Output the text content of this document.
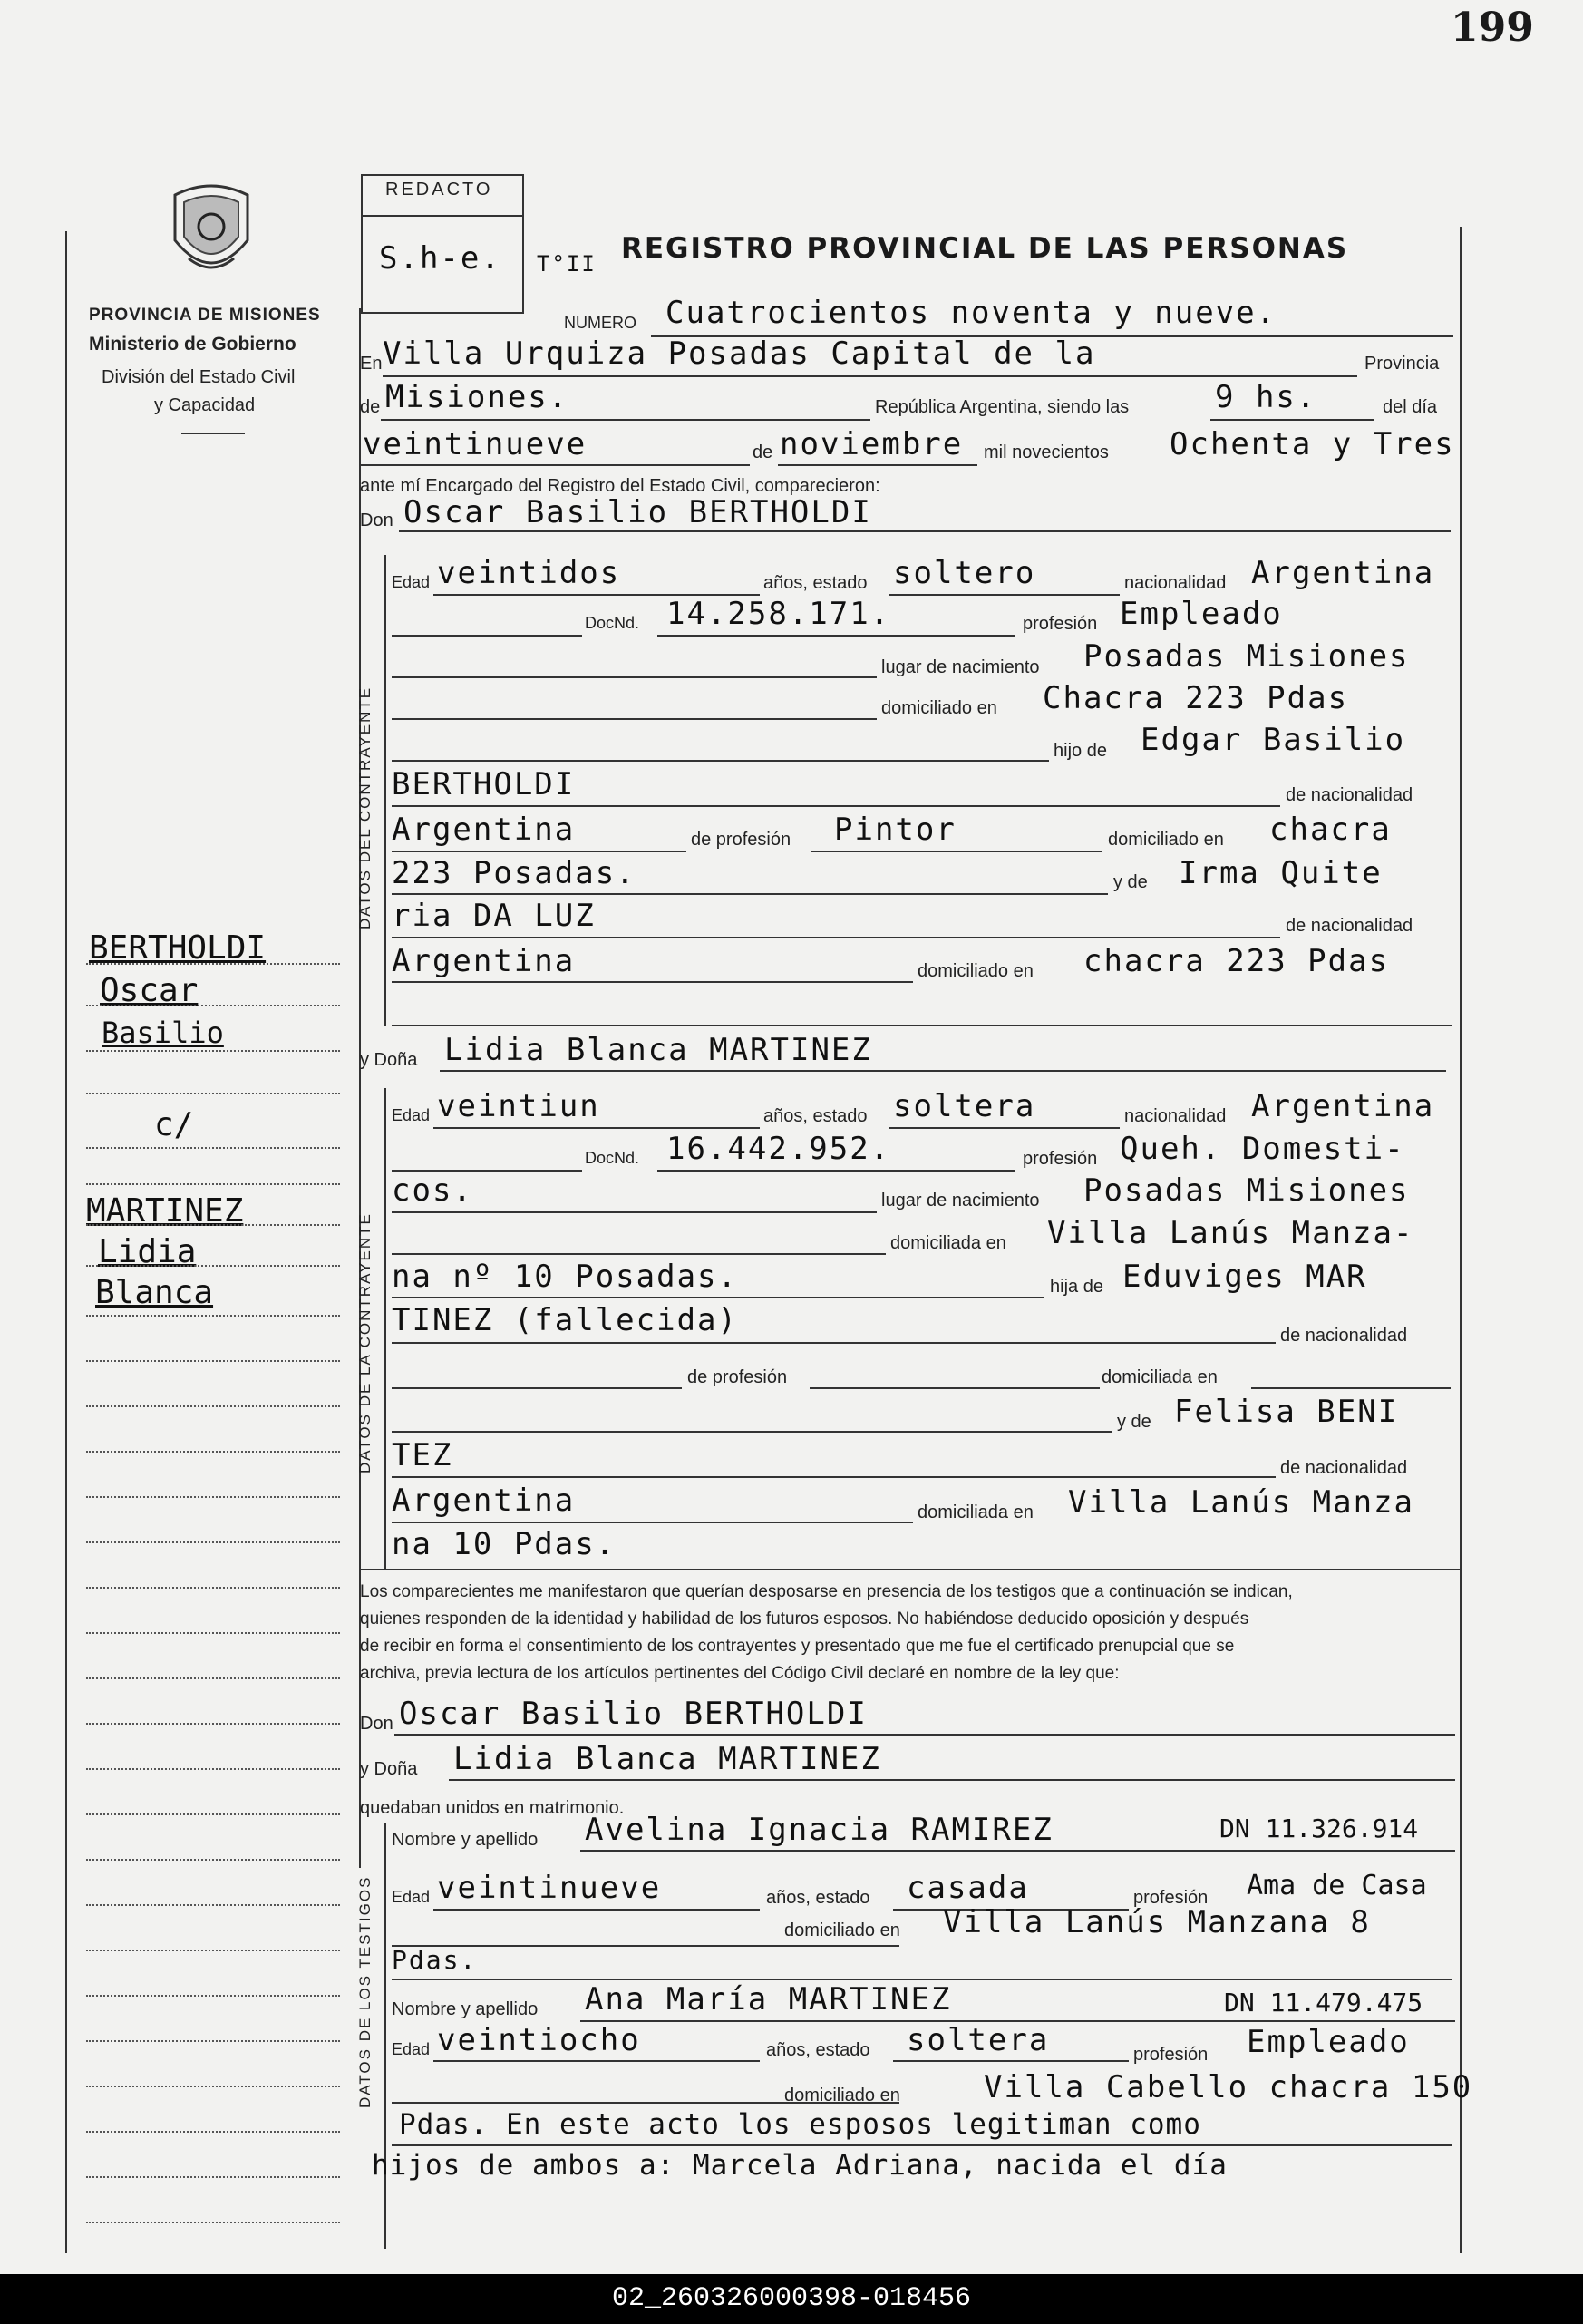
199
PROVINCIA DE MISIONES
Ministerio de Gobierno
División del Estado Civil
y Capacidad
REDACTO
S.h-e. T°II REGISTRO PROVINCIAL DE LAS PERSONAS
NUMERO Cuatrocientos noventa y nueve.
En Villa Urquiza Posadas Capital de la	Provincia
de Misiones.	República Argentina, siendo las	9 hs.	del día
veintinueve	de noviembre mil novecientos Ochenta y Tres
ante mí Encargado del Registro del Estado Civil, comparecieron:
Don Oscar Basilio BERTHOLDI
DATOS DEL CONTRAYENTE
Edad veintidos	años, estado soltero	nacionalidad Argentina
DocNd. 14.258.171.	profesión Empleado
lugar de nacimiento Posadas Misiones
domiciliado en Chacra 223 Pdas
hijo de Edgar Basilio
BERTHOLDI	de nacionalidad
Argentina	de profesión Pintor	domiciliado en chacra
223 Posadas.	y de Irma Quite
ria DA LUZ	de nacionalidad
Argentina	domiciliado en chacra 223 Pdas
y Doña Lidia Blanca MARTINEZ
DATOS DE LA CONTRAYENTE
Edad veintiun	años, estado soltera	nacionalidad Argentina
DocNd. 16.442.952.	profesión Queh. Domesti-
cos.	lugar de nacimiento Posadas Misiones
domiciliada en Villa Lanús Manza-
na nº 10 Posadas.	hija de Eduviges MAR
TINEZ (fallecida)	de nacionalidad
de profesión	domiciliada en
y de Felisa BENI
TEZ	de nacionalidad
Argentina	domiciliada en Villa Lanús Manza
na 10 Pdas.
Los comparecientes me manifestaron que querían desposarse en presencia de los testigos que a continuación se indican,
quienes responden de la identidad y habilidad de los futuros esposos. No habiéndose deducido oposición y después
de recibir en forma el consentimiento de los contrayentes y presentado que me fue el certificado prenupcial que se
archiva, previa lectura de los artículos pertinentes del Código Civil declaré en nombre de la ley que:
Don Oscar Basilio BERTHOLDI
y Doña Lidia Blanca MARTINEZ
quedaban unidos en matrimonio.
DATOS DE LOS TESTIGOS
Nombre y apellido Avelina Ignacia RAMIREZ	DN 11.326.914
Edad veintinueve	años, estado casada	profesión Ama de Casa
domiciliado en Villa Lanús Manzana 8
Pdas.
Nombre y apellido Ana María MARTINEZ	DN 11.479.475
Edad veintiocho	años, estado soltera	profesión Empleado
domiciliado en	Villa Cabello chacra 150
Pdas. En este acto los esposos legitiman como
hijos de ambos a: Marcela Adriana, nacida el día
BERTHOLDI
Oscar
Basilio
c/
MARTINEZ
Lidia
Blanca
02_260326000398-018456
